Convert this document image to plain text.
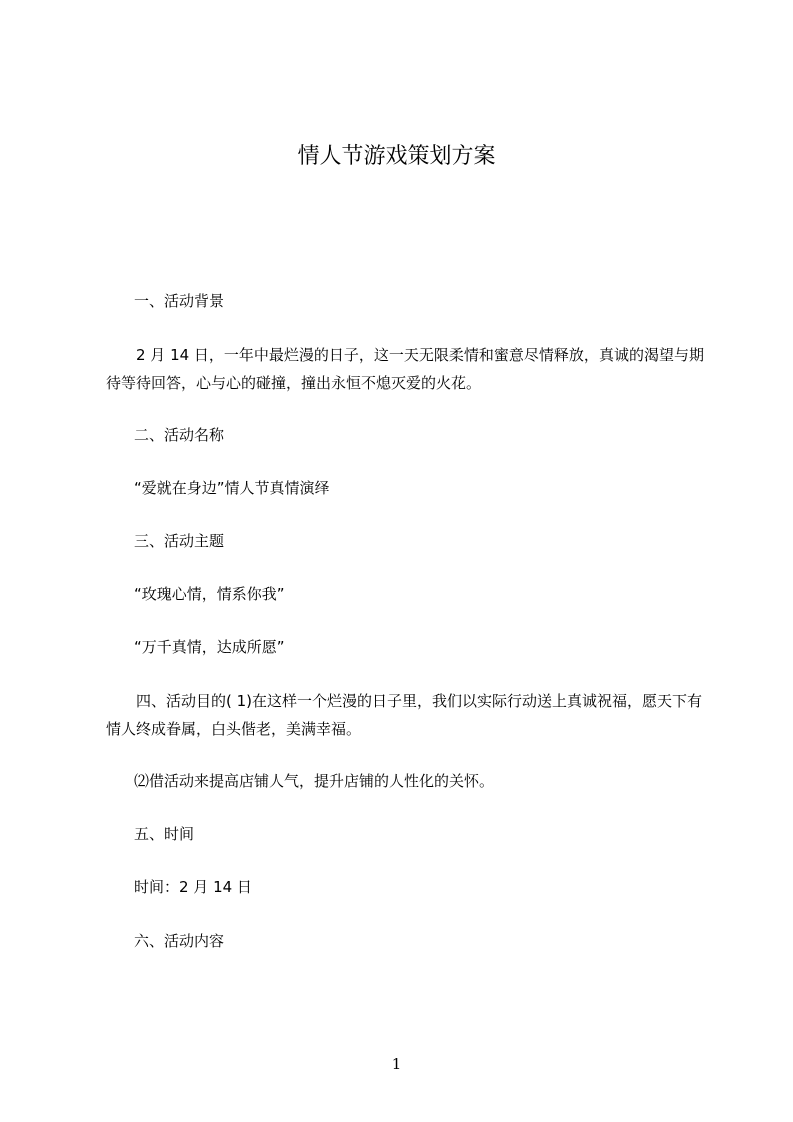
情人节游戏策划方案

一、活动背景

2 月 14 日，一年中最烂漫的日子，这一天无限柔情和蜜意尽情释放，真诚的渴望与期待等待回答，心与心的碰撞，撞出永恒不熄灭爱的火花。

二、活动名称

“爱就在身边”情人节真情演绎

三、活动主题

“玫瑰心情，情系你我”

“万千真情，达成所愿”

四、活动目的( 1)在这样一个烂漫的日子里，我们以实际行动送上真诚祝福，愿天下有情人终成眷属，白头偕老，美满幸福。

⑵借活动来提高店铺人气，提升店铺的人性化的关怀。

五、时间

时间：2 月 14 日

六、活动内容

1
